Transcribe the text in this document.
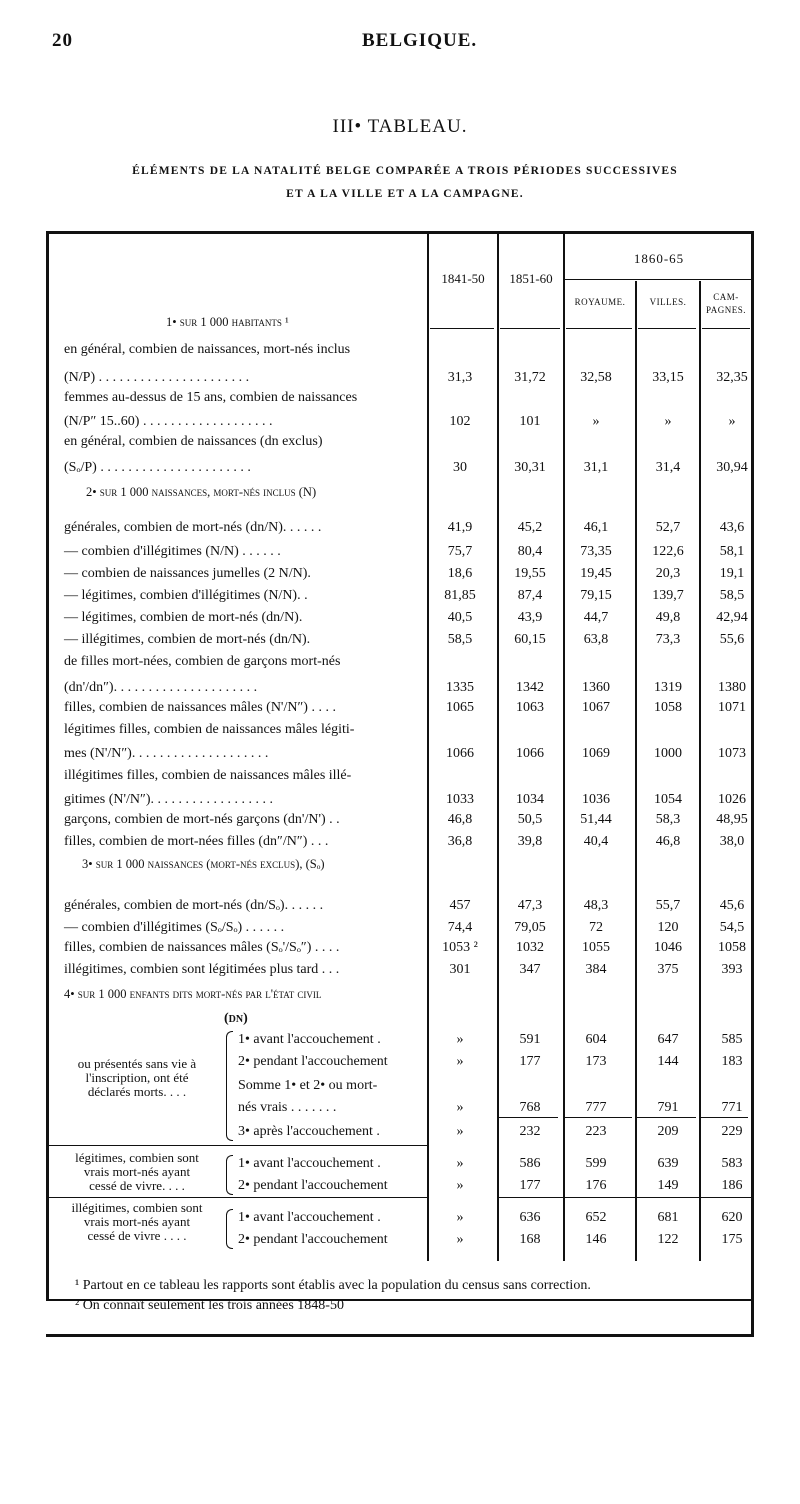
20	BELGIQUE.
III• TABLEAU.
ÉLÉMENTS DE LA NATALITÉ BELGE COMPARÉE A TROIS PÉRIODES SUCCESSIVES
ET A LA VILLE ET A LA CAMPAGNE.
1841-50	1851-60
1860-65
ROYAUME.	VILLES.	CAM-PAGNES.
1• sur 1 000 habitants ¹
2• sur 1 000 naissances, mort-nés inclus (N)
3• sur 1 000 naissances (mort-nés exclus), (Sₒ)
4• sur 1 000 enfants dits mort-nés par l'état civil
(dn)
en général, combien de naissances, mort-nés inclus
(N/P) . . . . . . . . . . . . . . . . . . . . . .	31,3	31,72	32,58	33,15	32,35
femmes au-dessus de 15 ans, combien de naissances
(N/P″ 15..60) . . . . . . . . . . . . . . . . . . .	102	101	»	»	»
en général, combien de naissances (dn exclus)
(Sₒ/P) . . . . . . . . . . . . . . . . . . . . . .	30	30,31	31,1	31,4	30,94
générales, combien de mort-nés (dn/N). . . . . .	41,9	45,2	46,1	52,7	43,6
— combien d'illégitimes (N/N) . . . . . .	75,7	80,4	73,35	122,6	58,1
— combien de naissances jumelles (2 N/N).	18,6	19,55	19,45	20,3	19,1
— légitimes, combien d'illégitimes (N/N). .	81,85	87,4	79,15	139,7	58,5
— légitimes, combien de mort-nés (dn/N).	40,5	43,9	44,7	49,8	42,94
— illégitimes, combien de mort-nés (dn/N).	58,5	60,15	63,8	73,3	55,6
de filles mort-nées, combien de garçons mort-nés
(dn'/dn″). . . . . . . . . . . . . . . . . . . . .	1335	1342	1360	1319	1380
filles, combien de naissances mâles (N'/N″) . . . .	1065	1063	1067	1058	1071
légitimes filles, combien de naissances mâles légiti-
mes (N'/N″). . . . . . . . . . . . . . . . . . . .	1066	1066	1069	1000	1073
illégitimes filles, combien de naissances mâles illé-
gitimes (N'/N″). . . . . . . . . . . . . . . . . .	1033	1034	1036	1054	1026
garçons, combien de mort-nés garçons (dn'/N') . .	46,8	50,5	51,44	58,3	48,95
filles, combien de mort-nées filles (dn″/N″) . . .	36,8	39,8	40,4	46,8	38,0
générales, combien de mort-nés (dn/Sₒ). . . . . .	457	47,3	48,3	55,7	45,6
— combien d'illégitimes (Sₒ/Sₒ) . . . . . .	74,4	79,05	72	120	54,5
filles, combien de naissances mâles (Sₒ'/Sₒ″) . . . .	1053 ²	1032	1055	1046	1058
illégitimes, combien sont légitimées plus tard . . .	301	347	384	375	393
ou présentés sans vie à
l'inscription, ont été
déclarés morts. . . .
1• avant l'accouchement .	»	591	604	647	585
2• pendant l'accouchement	»	177	173	144	183
Somme 1• et 2• ou mort-
nés vrais . . . . . . .	»	768	777	791	771
3• après l'accouchement .	»	232	223	209	229
légitimes, combien sont
vrais mort-nés ayant
cessé de vivre. . . .
1• avant l'accouchement .	»	586	599	639	583
2• pendant l'accouchement	»	177	176	149	186
illégitimes, combien sont
vrais mort-nés ayant
cessé de vivre . . . .
1• avant l'accouchement .	»	636	652	681	620
2• pendant l'accouchement	»	168	146	122	175
¹ Partout en ce tableau les rapports sont établis avec la population du census sans correction.
² On connaît seulement les trois années 1848-50
